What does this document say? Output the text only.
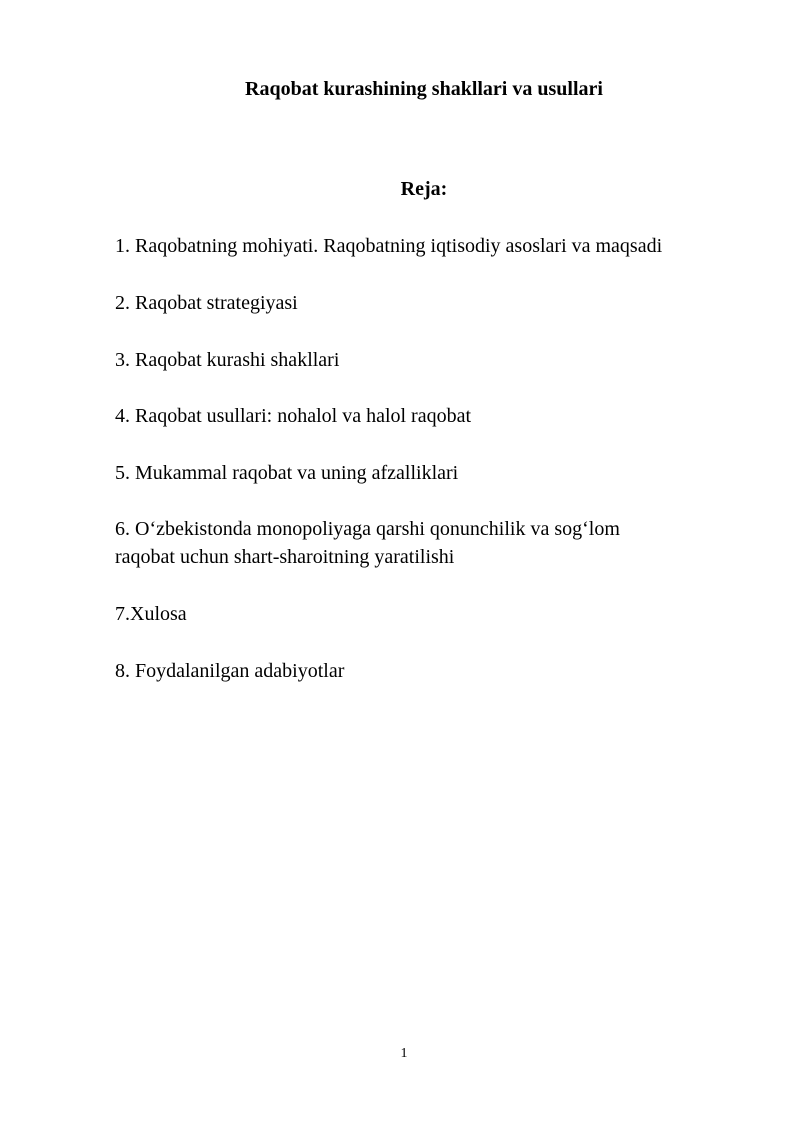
Raqobat kurashining shakllari va usullari
Reja:
1. Raqobatning mohiyati. Raqobatning iqtisodiy asoslari va maqsadi
2. Raqobat strategiyasi
3. Raqobat kurashi shakllari
4. Raqobat usullari: nohalol va halol raqobat
5. Mukammal raqobat va uning afzalliklari
6. O‘zbekistonda monopoliyaga qarshi qonunchilik va sog‘lom
raqobat uchun shart-sharoitning yaratilishi
7.Xulosa
8. Foydalanilgan adabiyotlar
1
